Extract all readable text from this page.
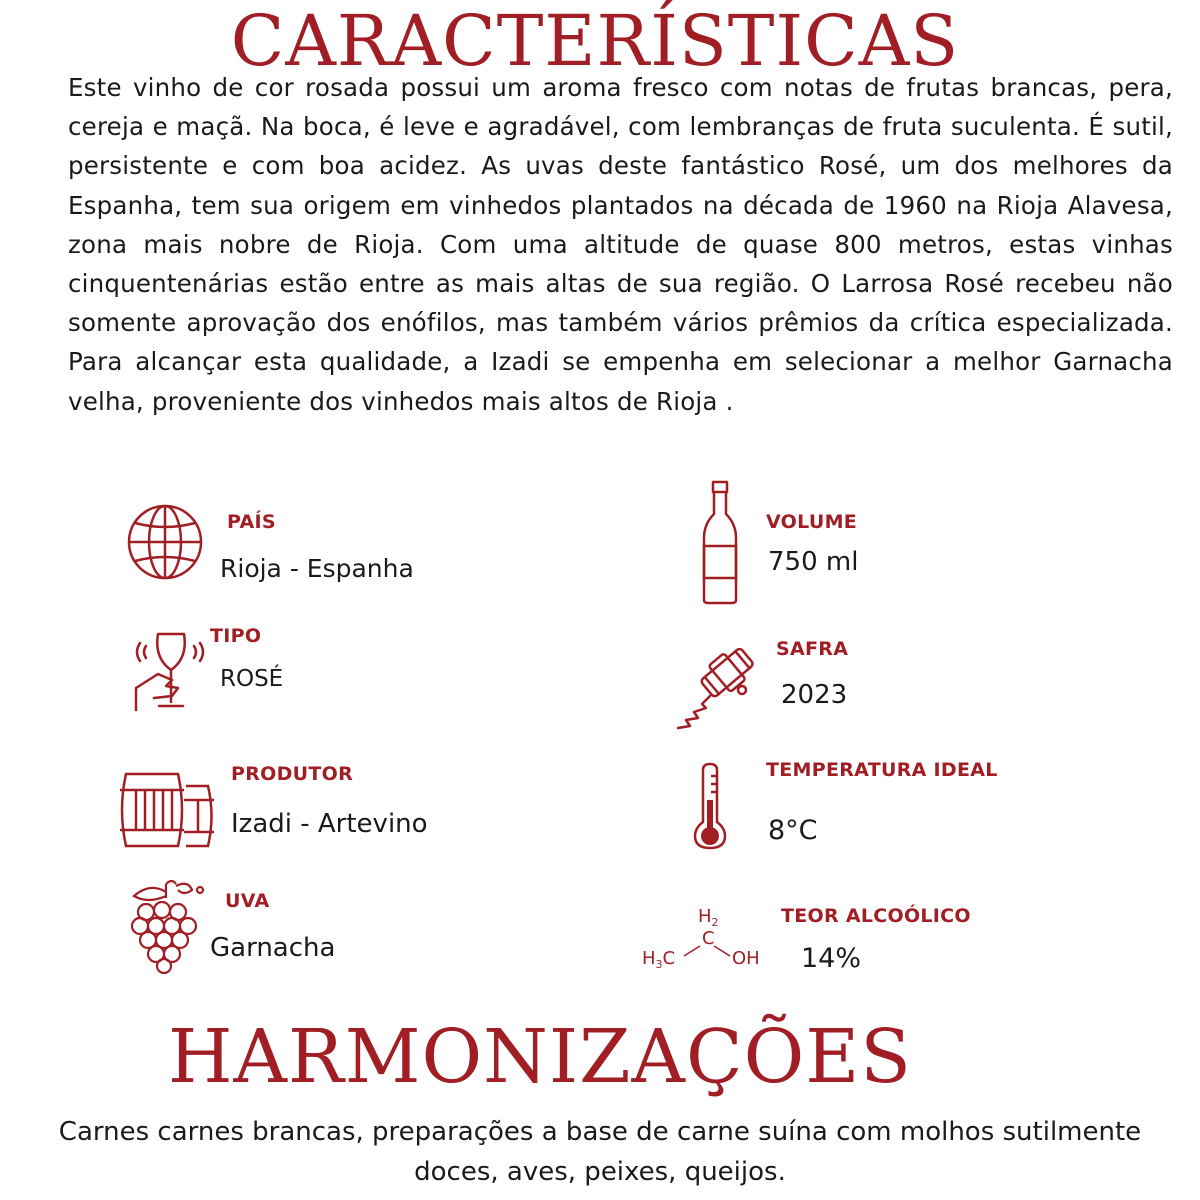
CARACTERÍSTICAS

Este vinho de cor rosada possui um aroma fresco com notas de frutas brancas, pera, cereja e maçã. Na boca, é leve e agradável, com lembranças de fruta suculenta. É sutil, persistente e com boa acidez. As uvas deste fantástico Rosé, um dos melhores da Espanha, tem sua origem em vinhedos plantados na década de 1960 na Rioja Alavesa, zona mais nobre de Rioja. Com uma altitude de quase 800 metros, estas vinhas cinquentenárias estão entre as mais altas de sua região. O Larrosa Rosé recebeu não somente aprovação dos enófilos, mas também vários prêmios da crítica especializada. Para alcançar esta qualidade, a Izadi se empenha em selecionar a melhor Garnacha velha, proveniente dos vinhedos mais altos de Rioja .

PAÍS
Rioja - Espanha
TIPO
ROSÉ
PRODUTOR
Izadi - Artevino
UVA
Garnacha
VOLUME
750 ml
SAFRA
2023
TEMPERATURA IDEAL
8°C
$H_2$
C
$H_3C$	OH
TEOR ALCOÓLICO
14%
HARMONIZAÇÕES

Carnes carnes brancas, preparações a base de carne suína com molhos sutilmente doces, aves, peixes, queijos.
